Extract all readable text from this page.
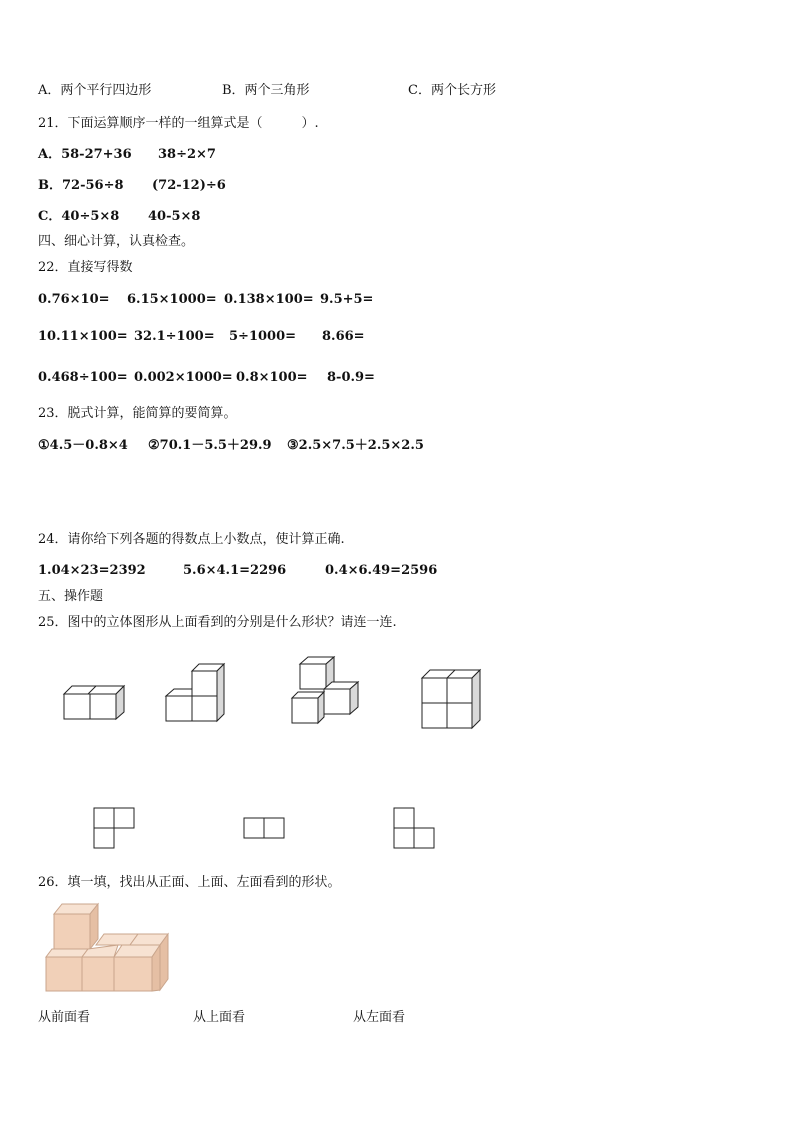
A．两个平行四边形	B．两个三角形	C．两个长方形
21．下面运算顺序一样的一组算式是（　　　）.
A．58-27+36 38÷2×7
B．72-56÷8 (72-12)÷6
C．40÷5×8 40-5×8
四、细心计算，认真检查。
22．直接写得数
0.76×10= 6.15×1000= 0.138×100= 9.5+5=
10.11×100= 32.1÷100= 5÷1000= 8.66=
0.468÷100= 0.002×1000= 0.8×100= 8-0.9=
23．脱式计算，能简算的要简算。
①4.5－0.8×4 ②70.1－5.5＋29.9 ③2.5×7.5＋2.5×2.5
24．请你给下列各题的得数点上小数点，使计算正确.
1.04×23=2392	5.6×4.1=2296	0.4×6.49=2596
五、操作题
25．图中的立体图形从上面看到的分别是什么形状？请连一连.
26．填一填，找出从正面、上面、左面看到的形状。
从前面看	从上面看	从左面看
